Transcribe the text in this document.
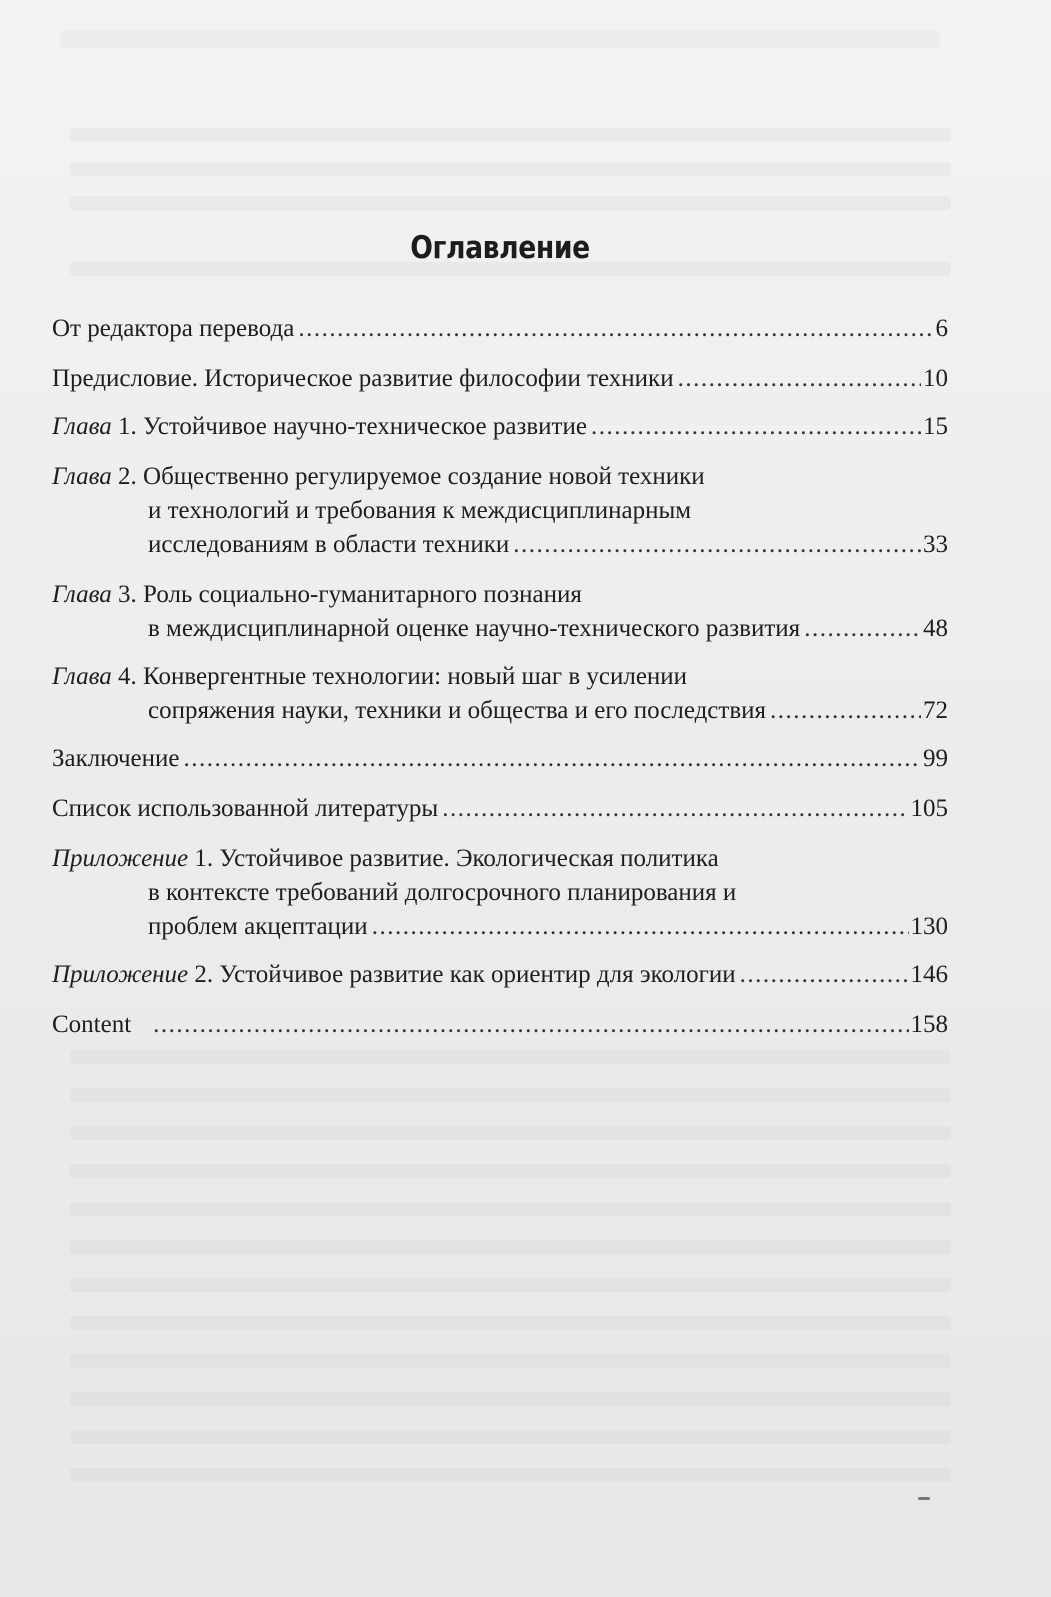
Оглавление
От редактора перевода .....	6
Предисловие. Историческое развитие философии техники .....	10
Глава 1. Устойчивое научно-техническое развитие .....	15
Глава 2. Общественно регулируемое создание новой техники
и технологий и требования к междисциплинарным
исследованиям в области техники .....	33
Глава 3. Роль социально-гуманитарного познания
в междисциплинарной оценке научно-технического развития .....	48
Глава 4. Конвергентные технологии: новый шаг в усилении
сопряжения науки, техники и общества и его последствия .....	72
Заключение .....	99
Список использованной литературы .....	105
Приложение 1. Устойчивое развитие. Экологическая политика
в контексте требований долгосрочного планирования и
проблем акцептации .....	130
Приложение 2. Устойчивое развитие как ориентир для экологии .....	146
Content .....	158
